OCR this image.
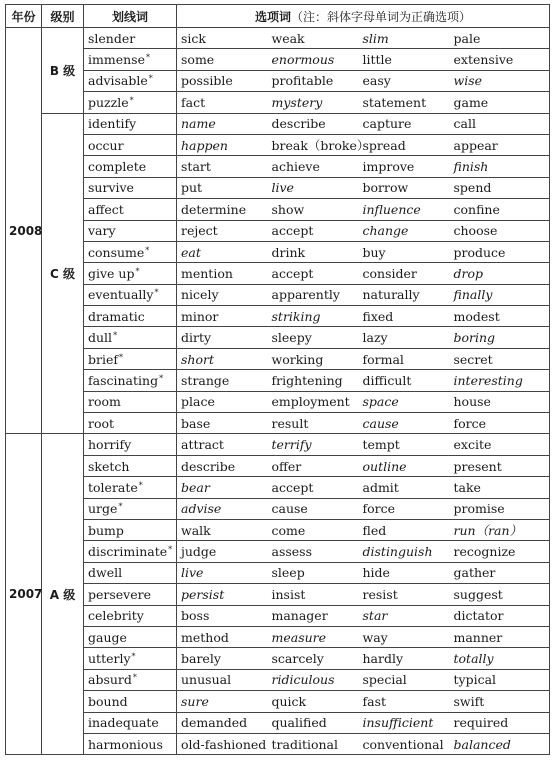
年份	级别	划线词	选项词（注：斜体字母单词为正确选项）			
2008	B 级	slender	sick	weak	slim	pale
		immense*	some	enormous	little	extensive
		advisable*	possible	profitable	easy	wise
		puzzle*	fact	mystery	statement	game
	C 级	identify	name	describe	capture	call
		occur	happen	break（broke）	spread	appear
		complete	start	achieve	improve	finish
		survive	put	live	borrow	spend
		affect	determine	show	influence	confine
		vary	reject	accept	change	choose
		consume*	eat	drink	buy	produce
		give up*	mention	accept	consider	drop
		eventually*	nicely	apparently	naturally	finally
		dramatic	minor	striking	fixed	modest
		dull*	dirty	sleepy	lazy	boring
		brief*	short	working	formal	secret
		fascinating*	strange	frightening	difficult	interesting
		room	place	employment	space	house
		root	base	result	cause	force
2007	A 级	horrify	attract	terrify	tempt	excite
		sketch	describe	offer	outline	present
		tolerate*	bear	accept	admit	take
		urge*	advise	cause	force	promise
		bump	walk	come	fled	run（ran）
		discriminate*	judge	assess	distinguish	recognize
		dwell	live	sleep	hide	gather
		persevere	persist	insist	resist	suggest
		celebrity	boss	manager	star	dictator
		gauge	method	measure	way	manner
		utterly*	barely	scarcely	hardly	totally
		absurd*	unusual	ridiculous	special	typical
		bound	sure	quick	fast	swift
		inadequate	demanded	qualified	insufficient	required
		harmonious	old-fashioned	traditional	conventional	balanced
